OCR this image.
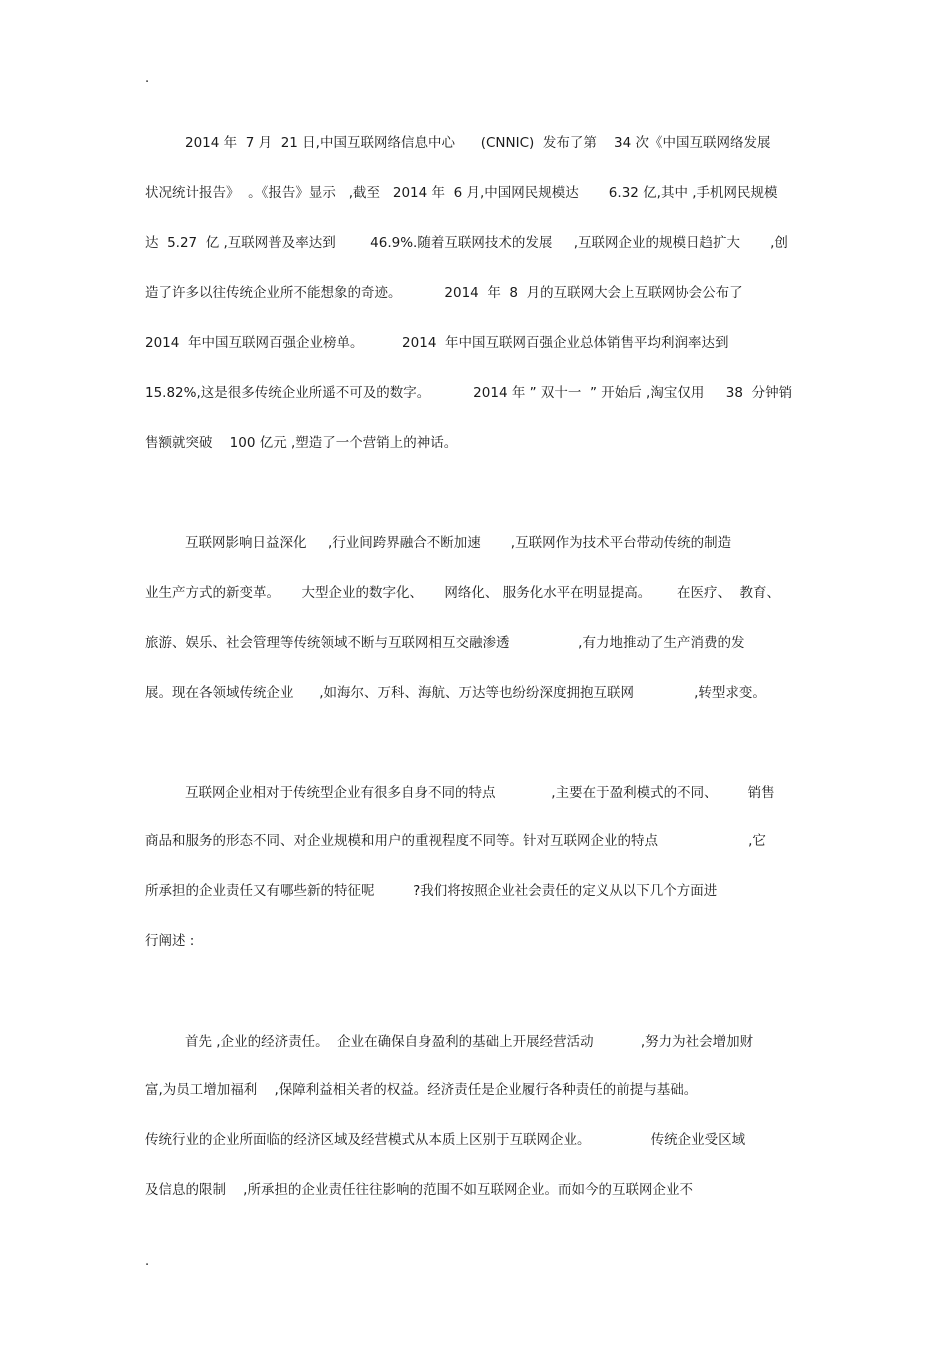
.
2014 年  7 月  21 日,中国互联网络信息中心      (CNNIC)  发布了第    34 次《中国互联网络发展
状况统计报告》  。《报告》显示   ,截至   2014 年  6 月,中国网民规模达       6.32 亿,其中 ,手机网民规模
达  5.27  亿 ,互联网普及率达到        46.9%.随着互联网技术的发展     ,互联网企业的规模日趋扩大       ,创
造了许多以往传统企业所不能想象的奇迹。          2014  年  8  月的互联网大会上互联网协会公布了
2014  年中国互联网百强企业榜单。         2014  年中国互联网百强企业总体销售平均利润率达到
15.82%,这是很多传统企业所遥不可及的数字。          2014 年 ” 双十一  ” 开始后 ,淘宝仅用     38  分钟销
售额就突破    100 亿元 ,塑造了一个营销上的神话。
互联网影响日益深化     ,行业间跨界融合不断加速       ,互联网作为技术平台带动传统的制造
业生产方式的新变革。     大型企业的数字化、     网络化、 服务化水平在明显提高。      在医疗、  教育、
旅游、娱乐、社会管理等传统领域不断与互联网相互交融渗透                ,有力地推动了生产消费的发
展。现在各领域传统企业      ,如海尔、万科、海航、万达等也纷纷深度拥抱互联网              ,转型求变。
互联网企业相对于传统型企业有很多自身不同的特点             ,主要在于盈利模式的不同、       销售
商品和服务的形态不同、对企业规模和用户的重视程度不同等。针对互联网企业的特点                     ,它
所承担的企业责任又有哪些新的特征呢         ?我们将按照企业社会责任的定义从以下几个方面进
行阐述 :
首先 ,企业的经济责任。  企业在确保自身盈利的基础上开展经营活动           ,努力为社会增加财
富,为员工增加福利    ,保障利益相关者的权益。经济责任是企业履行各种责任的前提与基础。
传统行业的企业所面临的经济区域及经营模式从本质上区别于互联网企业。              传统企业受区域
及信息的限制    ,所承担的企业责任往往影响的范围不如互联网企业。而如今的互联网企业不
.
